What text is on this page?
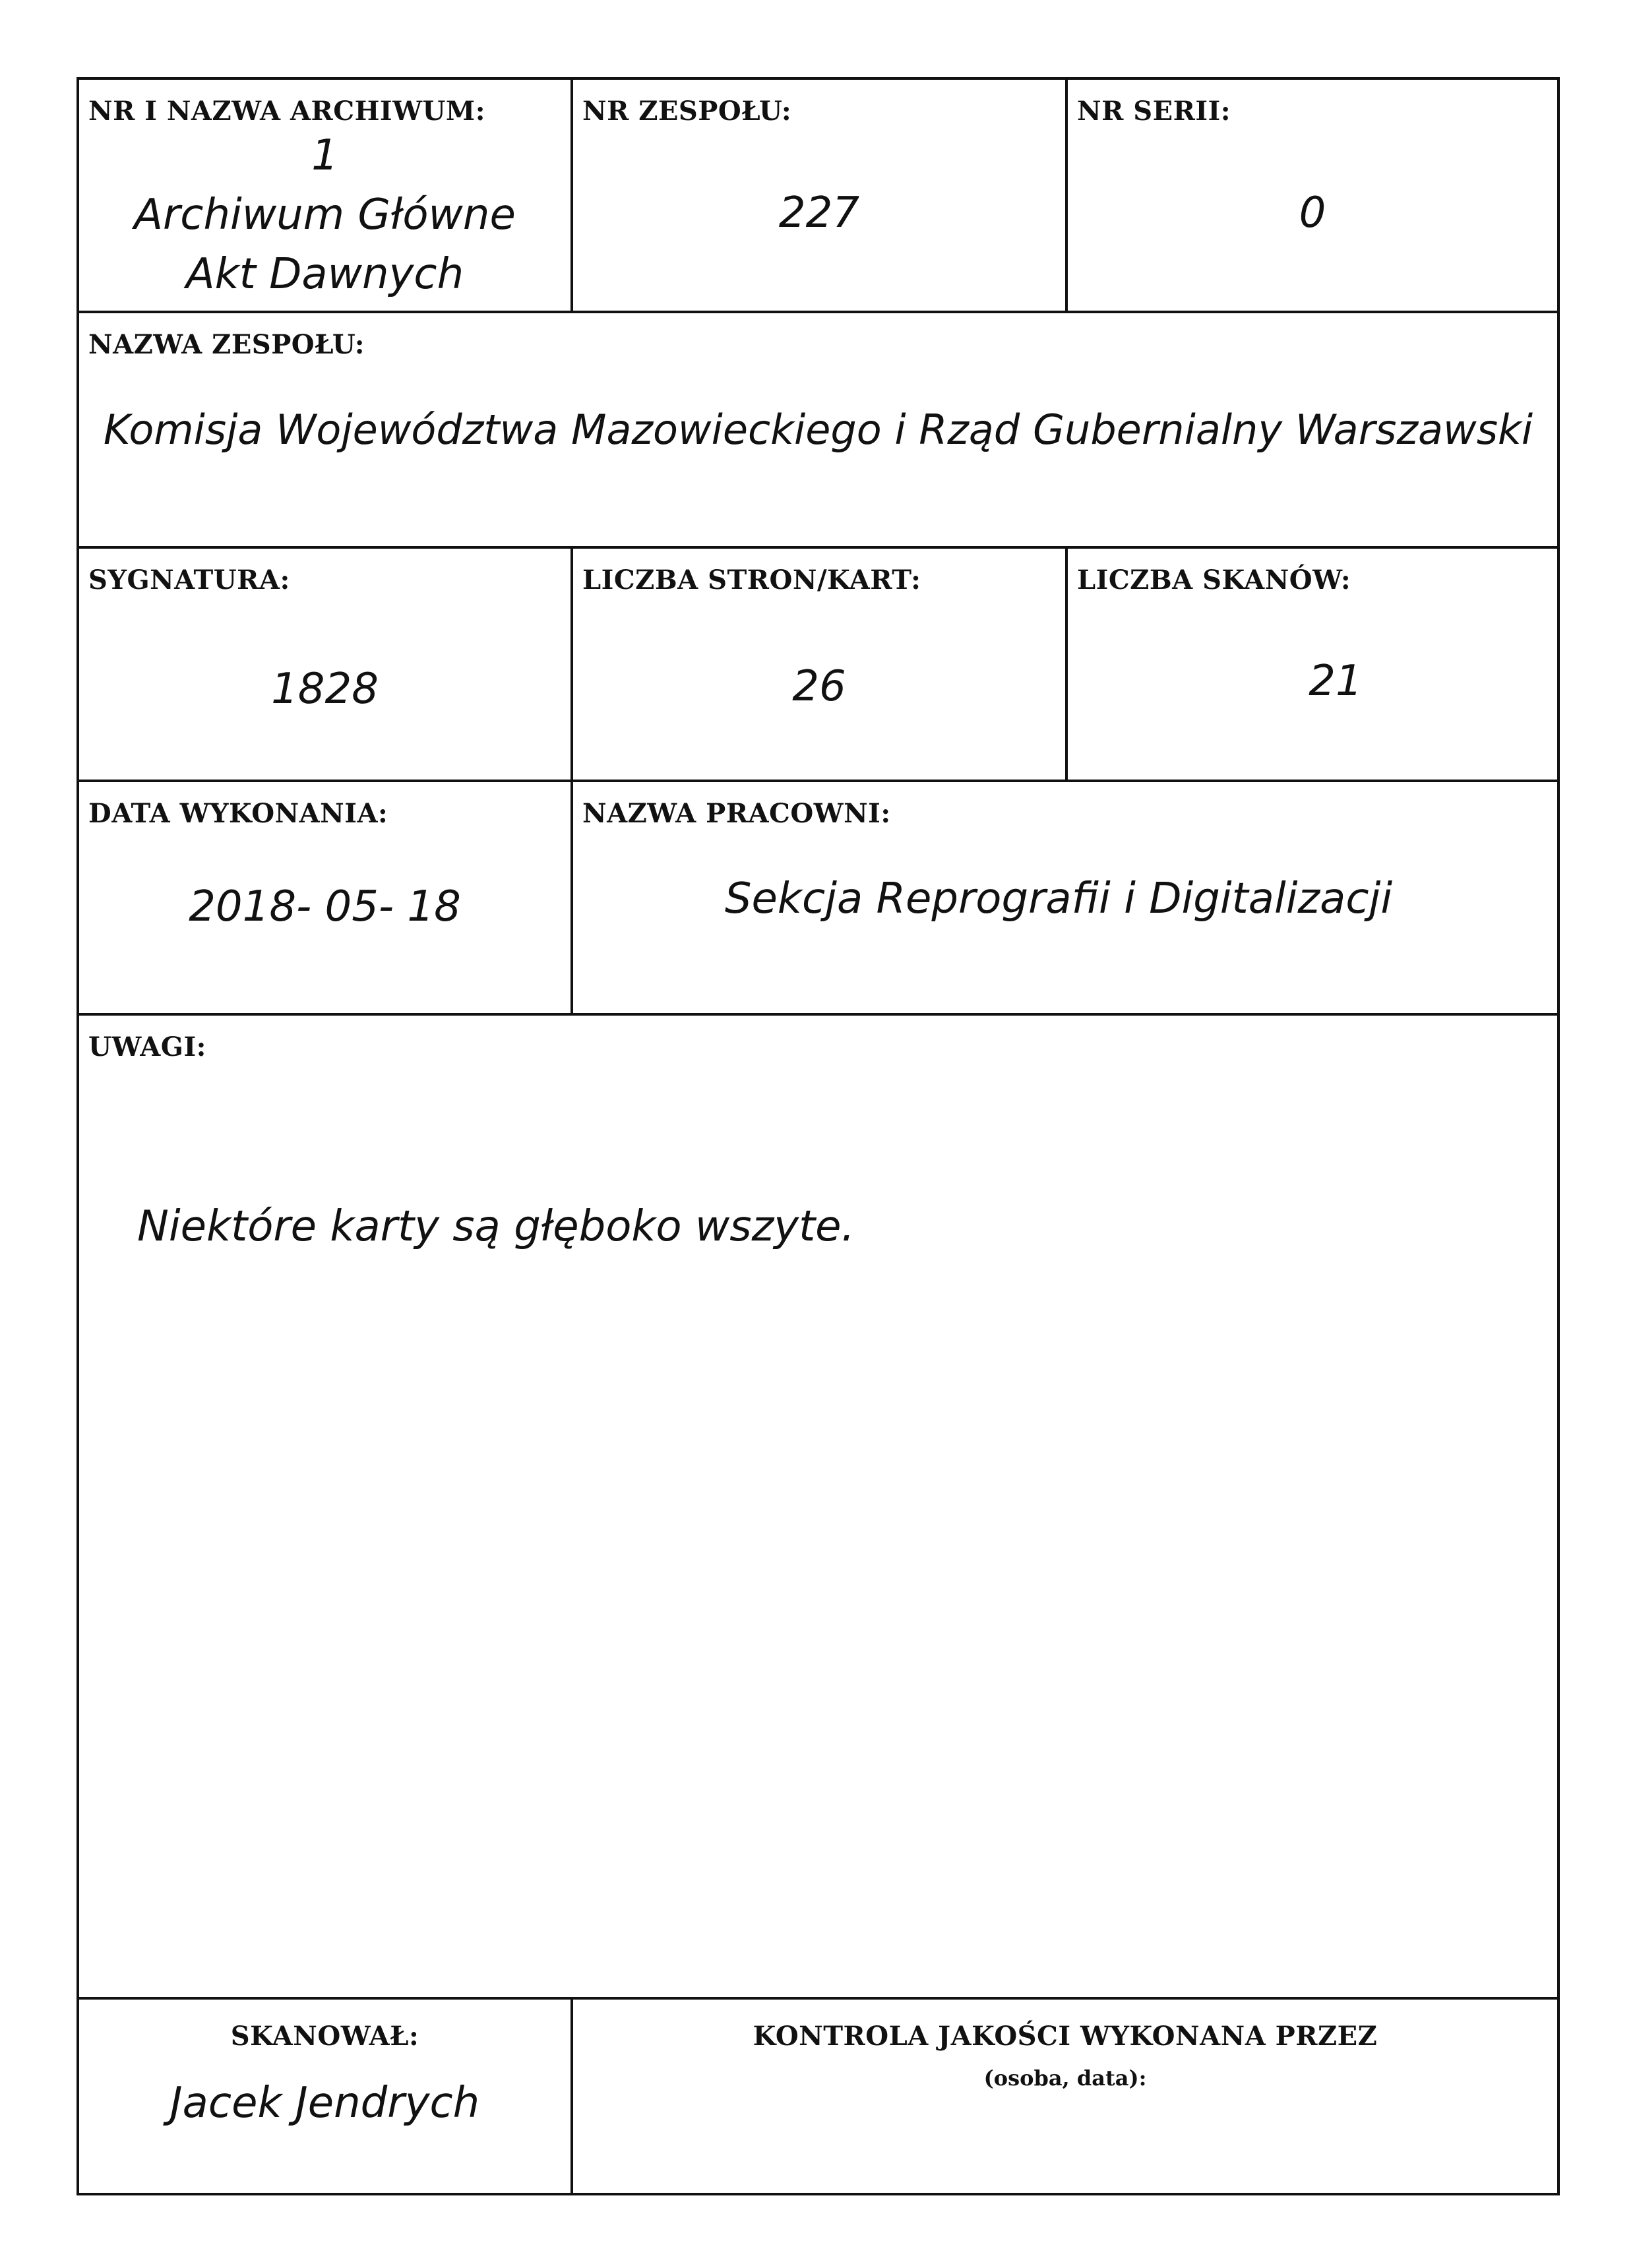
NR I NAZWA ARCHIWUM:
1
Archiwum Główne
Akt Dawnych
NR ZESPOŁU:
227
NR SERII:
0
NAZWA ZESPOŁU:
Komisja Województwa Mazowieckiego i Rząd Gubernialny Warszawski
SYGNATURA:
1828
LICZBA STRON/KART:
26
LICZBA SKANÓW:
21
DATA WYKONANIA:
2018- 05- 18
NAZWA PRACOWNI:
Sekcja Reprografii i Digitalizacji
UWAGI:
Niektóre karty są głęboko wszyte.
SKANOWAŁ:
Jacek Jendrych
KONTROLA JAKOŚCI WYKONANA PRZEZ
(osoba, data):
